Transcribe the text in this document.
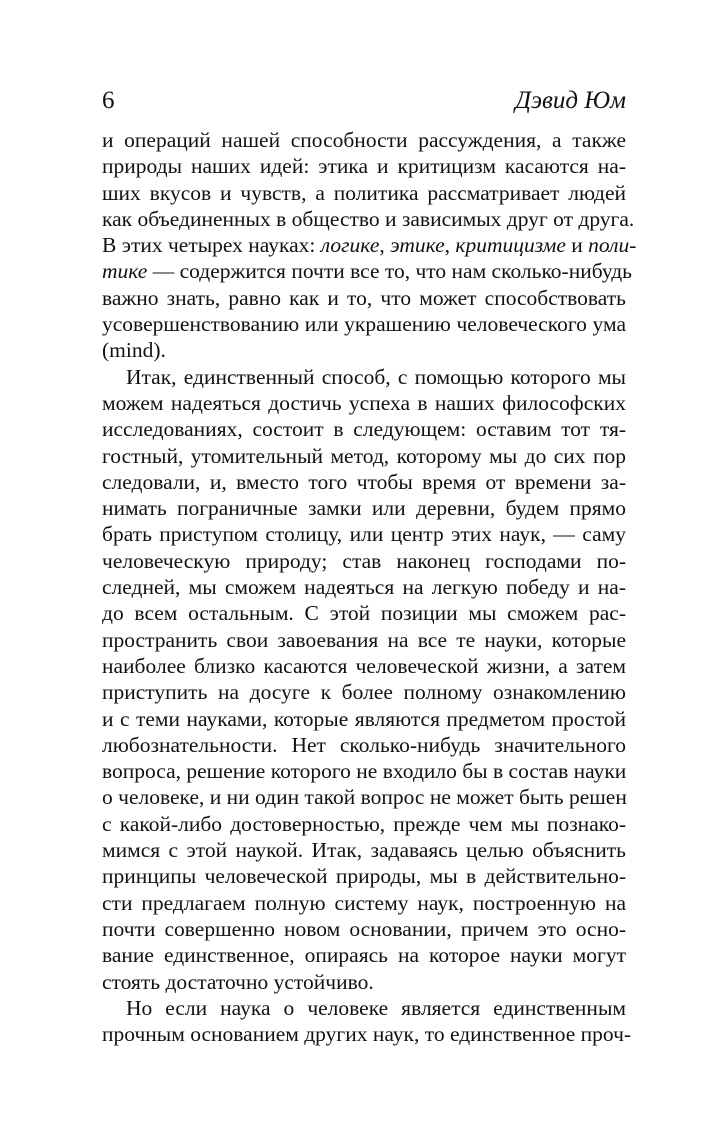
6	Дэвид Юм
и операций нашей способности рассуждения, а также
природы наших идей: этика и критицизм касаются на-
ших вкусов и чувств, а политика рассматривает людей
как объединенных в общество и зависимых друг от друга.
В этих четырех науках: логике, этике, критицизме и поли-
тике — содержится почти все то, что нам сколько-нибудь
важно знать, равно как и то, что может способствовать
усовершенствованию или украшению человеческого ума
(mind).
Итак, единственный способ, с помощью которого мы
можем надеяться достичь успеха в наших философских
исследованиях, состоит в следующем: оставим тот тя-
гостный, утомительный метод, которому мы до сих пор
следовали, и, вместо того чтобы время от времени за-
нимать пограничные замки или деревни, будем прямо
брать приступом столицу, или центр этих наук, — саму
человеческую природу; став наконец господами по-
следней, мы сможем надеяться на легкую победу и на-
до всем остальным. С этой позиции мы сможем рас-
пространить свои завоевания на все те науки, которые
наиболее близко касаются человеческой жизни, а затем
приступить на досуге к более полному ознакомлению
и с теми науками, которые являются предметом простой
любознательности. Нет сколько-нибудь значительного
вопроса, решение которого не входило бы в состав науки
о человеке, и ни один такой вопрос не может быть решен
с какой-либо достоверностью, прежде чем мы познако-
мимся с этой наукой. Итак, задаваясь целью объяснить
принципы человеческой природы, мы в действительно-
сти предлагаем полную систему наук, построенную на
почти совершенно новом основании, причем это осно-
вание единственное, опираясь на которое науки могут
стоять достаточно устойчиво.
Но если наука о человеке является единственным
прочным основанием других наук, то единственное проч-
